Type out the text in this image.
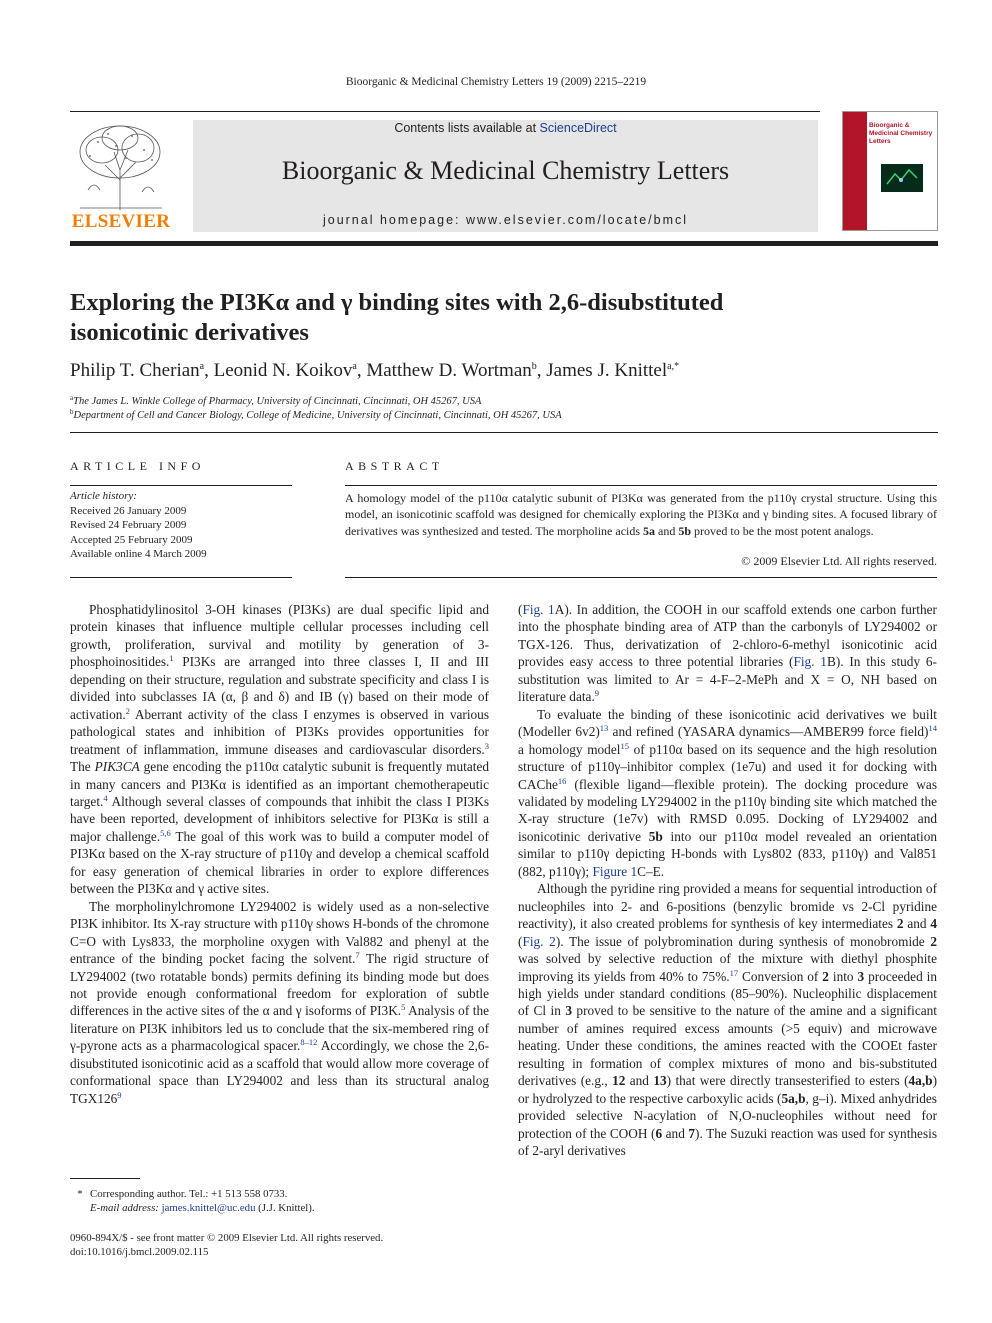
Bioorganic & Medicinal Chemistry Letters 19 (2009) 2215–2219
ELSEVIER
Contents lists available at ScienceDirect
Bioorganic & Medicinal Chemistry Letters
journal homepage: www.elsevier.com/locate/bmcl
Bioorganic & Medicinal Chemistry Letters
Exploring the PI3Kα and γ binding sites with 2,6-disubstituted
isonicotinic derivatives
Philip T. Cherian$^a$, Leonid N. Koikov$^a$, Matthew D. Wortman$^b$, James J. Knittel$^{a,*}$
$^a$The James L. Winkle College of Pharmacy, University of Cincinnati, Cincinnati, OH 45267, USA
$^b$Department of Cell and Cancer Biology, College of Medicine, University of Cincinnati, Cincinnati, OH 45267, USA
ARTICLE INFO
Article history:
Received 26 January 2009
Revised 24 February 2009
Accepted 25 February 2009
Available online 4 March 2009
ABSTRACT
A homology model of the p110α catalytic subunit of PI3Kα was generated from the p110γ crystal structure. Using this model, an isonicotinic scaffold was designed for chemically exploring the PI3Kα and γ binding sites. A focused library of derivatives was synthesized and tested. The morpholine acids 5a and 5b proved to be the most potent analogs.
© 2009 Elsevier Ltd. All rights reserved.

Phosphatidylinositol 3-OH kinases (PI3Ks) are dual specific lipid and protein kinases that influence multiple cellular processes including cell growth, proliferation, survival and motility by generation of 3-phosphoinositides.$^1$ PI3Ks are arranged into three classes I, II and III depending on their structure, regulation and substrate specificity and class I is divided into subclasses IA (α, β and δ) and IB (γ) based on their mode of activation.$^2$ Aberrant activity of the class I enzymes is observed in various pathological states and inhibition of PI3Ks provides opportunities for treatment of inflammation, immune diseases and cardiovascular disorders.$^3$ The PIK3CA gene encoding the p110α catalytic subunit is frequently mutated in many cancers and PI3Kα is identified as an important chemotherapeutic target.$^4$ Although several classes of compounds that inhibit the class I PI3Ks have been reported, development of inhibitors selective for PI3Kα is still a major challenge.$^{5,6}$ The goal of this work was to build a computer model of PI3Kα based on the X-ray structure of p110γ and develop a chemical scaffold for easy generation of chemical libraries in order to explore differences between the PI3Kα and γ active sites.

The morpholinylchromone LY294002 is widely used as a non-selective PI3K inhibitor. Its X-ray structure with p110γ shows H-bonds of the chromone C=O with Lys833, the morpholine oxygen with Val882 and phenyl at the entrance of the binding pocket facing the solvent.$^7$ The rigid structure of LY294002 (two rotatable bonds) permits defining its binding mode but does not provide enough conformational freedom for exploration of subtle differences in the active sites of the α and γ isoforms of PI3K.$^5$ Analysis of the literature on PI3K inhibitors led us to conclude that the six-membered ring of γ-pyrone acts as a pharmacological spacer.$^{8-12}$ Accordingly, we chose the 2,6-disubstituted isonicotinic acid as a scaffold that would allow more coverage of conformational space than LY294002 and less than its structural analog $TGX126^9$

(Fig. 1A). In addition, the COOH in our scaffold extends one carbon further into the phosphate binding area of ATP than the carbonyls of LY294002 or TGX-126. Thus, derivatization of 2-chloro-6-methyl isonicotinic acid provides easy access to three potential libraries (Fig. 1B). In this study 6-substitution was limited to Ar = 4-F–2-MePh and X = O, NH based on literature data.$^9$

To evaluate the binding of these isonicotinic acid derivatives we built (Modeller 6v2)$^{13}$ and refined (YASARA dynamics—AMBER99 force field)$^{14}$ a homology model$^{15}$ of p110α based on its sequence and the high resolution structure of p110γ–inhibitor complex (1e7u) and used it for docking with CAChe$^{16}$ (flexible ligand—flexible protein). The docking procedure was validated by modeling LY294002 in the p110γ binding site which matched the X-ray structure (1e7v) with RMSD 0.095. Docking of LY294002 and isonicotinic derivative 5b into our p110α model revealed an orientation similar to p110γ depicting H-bonds with Lys802 (833, p110γ) and Val851 (882, p110γ); Figure 1C–E.

Although the pyridine ring provided a means for sequential introduction of nucleophiles into 2- and 6-positions (benzylic bromide vs 2-Cl pyridine reactivity), it also created problems for synthesis of key intermediates 2 and 4 (Fig. 2). The issue of polybromination during synthesis of monobromide 2 was solved by selective reduction of the mixture with diethyl phosphite improving its yields from 40% to 75%.$^{17}$ Conversion of 2 into 3 proceeded in high yields under standard conditions (85–90%). Nucleophilic displacement of Cl in 3 proved to be sensitive to the nature of the amine and a significant number of amines required excess amounts (>5 equiv) and microwave heating. Under these conditions, the amines reacted with the COOEt faster resulting in formation of complex mixtures of mono and bis-substituted derivatives (e.g., 12 and 13) that were directly transesterified to esters (4a,b) or hydrolyzed to the respective carboxylic acids (5a,b, g–i). Mixed anhydrides provided selective N-acylation of N,O-nucleophiles without need for protection of the COOH (6 and 7). The Suzuki reaction was used for synthesis of 2-aryl derivatives

* Corresponding author. Tel.: +1 513 558 0733.
E-mail address: james.knittel@uc.edu (J.J. Knittel).
0960-894X/$ - see front matter © 2009 Elsevier Ltd. All rights reserved.
doi:10.1016/j.bmcl.2009.02.115
